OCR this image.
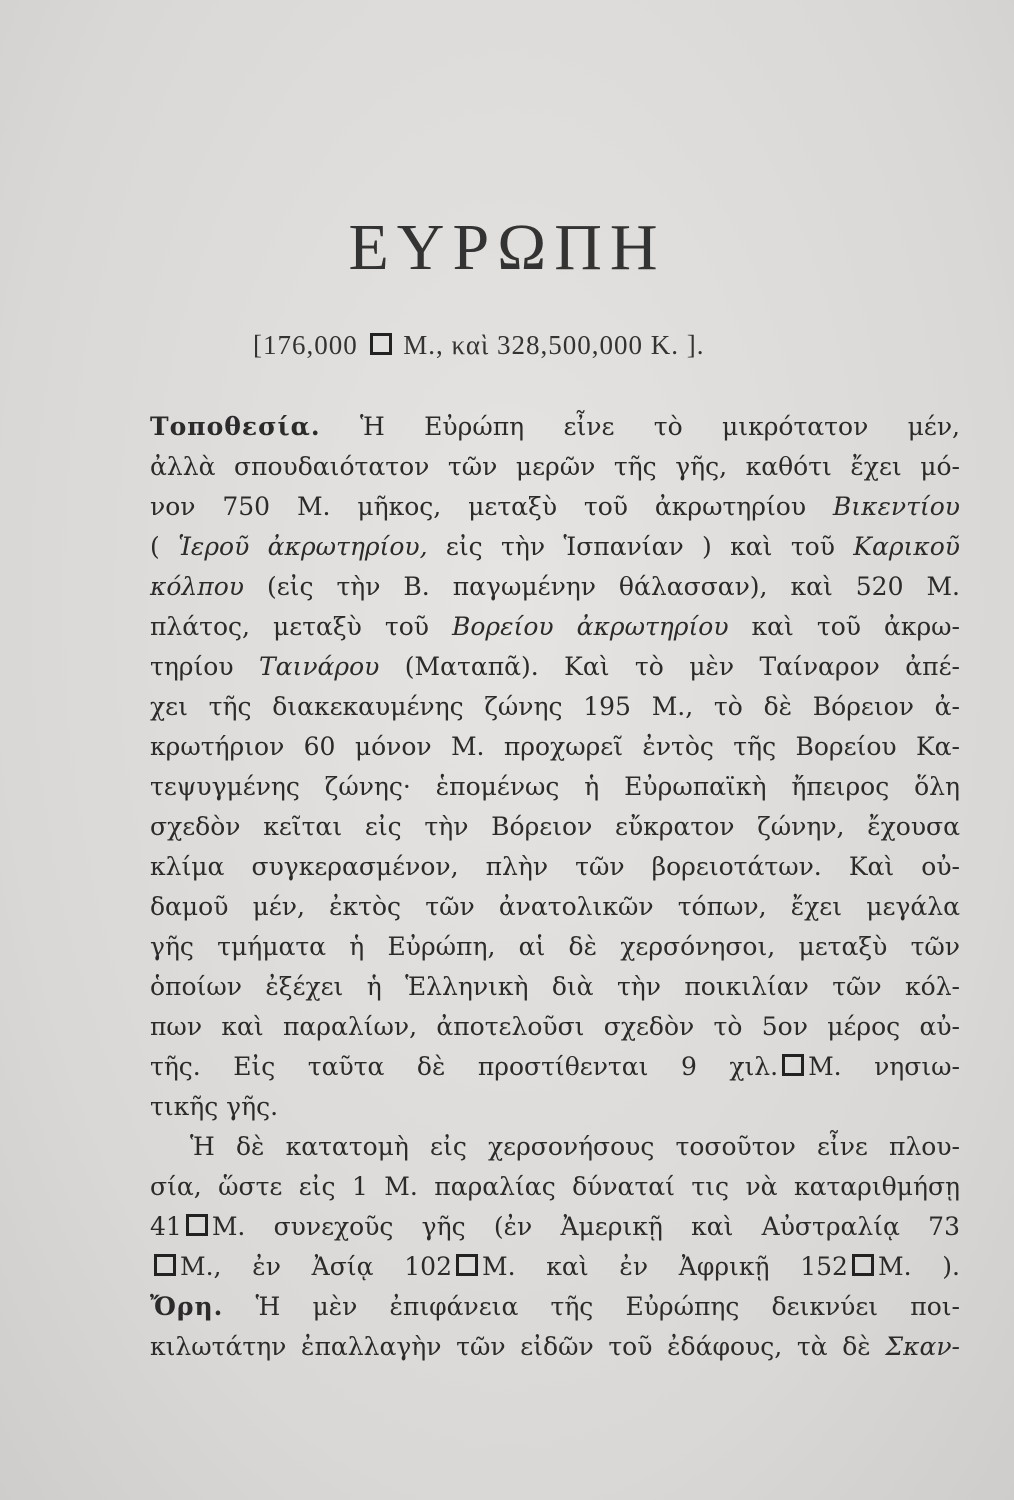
ΕΥΡΩΠΗ
[176,000 M., καὶ 328,500,000 K. ].
Τοποθεσία. Ἡ Εὐρώπη εἶνε τὸ μικρότατον μέν,
ἀλλὰ σπουδαιότατον τῶν μερῶν τῆς γῆς, καθότι ἔχει μό-
νον 750 Μ. μῆκος, μεταξὺ τοῦ ἀκρωτηρίου Βικεντίου
( Ἱεροῦ ἀκρωτηρίου, εἰς τὴν Ἱσπανίαν ) καὶ τοῦ Καρικοῦ
κόλπου (εἰς τὴν Β. παγωμένην θάλασσαν), καὶ 520 Μ.
πλάτος, μεταξὺ τοῦ Βορείου ἀκρωτηρίου καὶ τοῦ ἀκρω-
τηρίου Ταινάρου (Ματαπᾶ). Καὶ τὸ μὲν Ταίναρον ἀπέ-
χει τῆς διακεκαυμένης ζώνης 195 Μ., τὸ δὲ Βόρειον ἀ-
κρωτήριον 60 μόνον Μ. προχωρεῖ ἐντὸς τῆς Βορείου Κα-
τεψυγμένης ζώνης· ἑπομένως ἡ Εὐρωπαϊκὴ ἤπειρος ὅλη
σχεδὸν κεῖται εἰς τὴν Βόρειον εὔκρατον ζώνην, ἔχουσα
κλίμα συγκερασμένον, πλὴν τῶν βορειοτάτων. Καὶ οὐ-
δαμοῦ μέν, ἐκτὸς τῶν ἀνατολικῶν τόπων, ἔχει μεγάλα
γῆς τμήματα ἡ Εὐρώπη, αἱ δὲ χερσόνησοι, μεταξὺ τῶν
ὁποίων ἐξέχει ἡ Ἑλληνικὴ διὰ τὴν ποικιλίαν τῶν κόλ-
πων καὶ παραλίων, ἀποτελοῦσι σχεδὸν τὸ 5ον μέρος αὐ-
τῆς. Εἰς ταῦτα δὲ προστίθενται 9 χιλ. Μ. νησιω-
τικῆς γῆς.
Ἡ δὲ κατατομὴ εἰς χερσονήσους τοσοῦτον εἶνε πλου-
σία, ὥστε εἰς 1 Μ. παραλίας δύναταί τις νὰ καταριθμήσῃ
41 Μ. συνεχοῦς γῆς (ἐν Ἀμερικῇ καὶ Αὐστραλίᾳ 73
Μ., ἐν Ἀσίᾳ 102 Μ. καὶ ἐν Ἀφρικῇ 152 Μ. ).
Ὄρη. Ἡ μὲν ἐπιφάνεια τῆς Εὐρώπης δεικνύει ποι-
κιλωτάτην ἐπαλλαγὴν τῶν εἰδῶν τοῦ ἐδάφους, τὰ δὲ Σκαν-
